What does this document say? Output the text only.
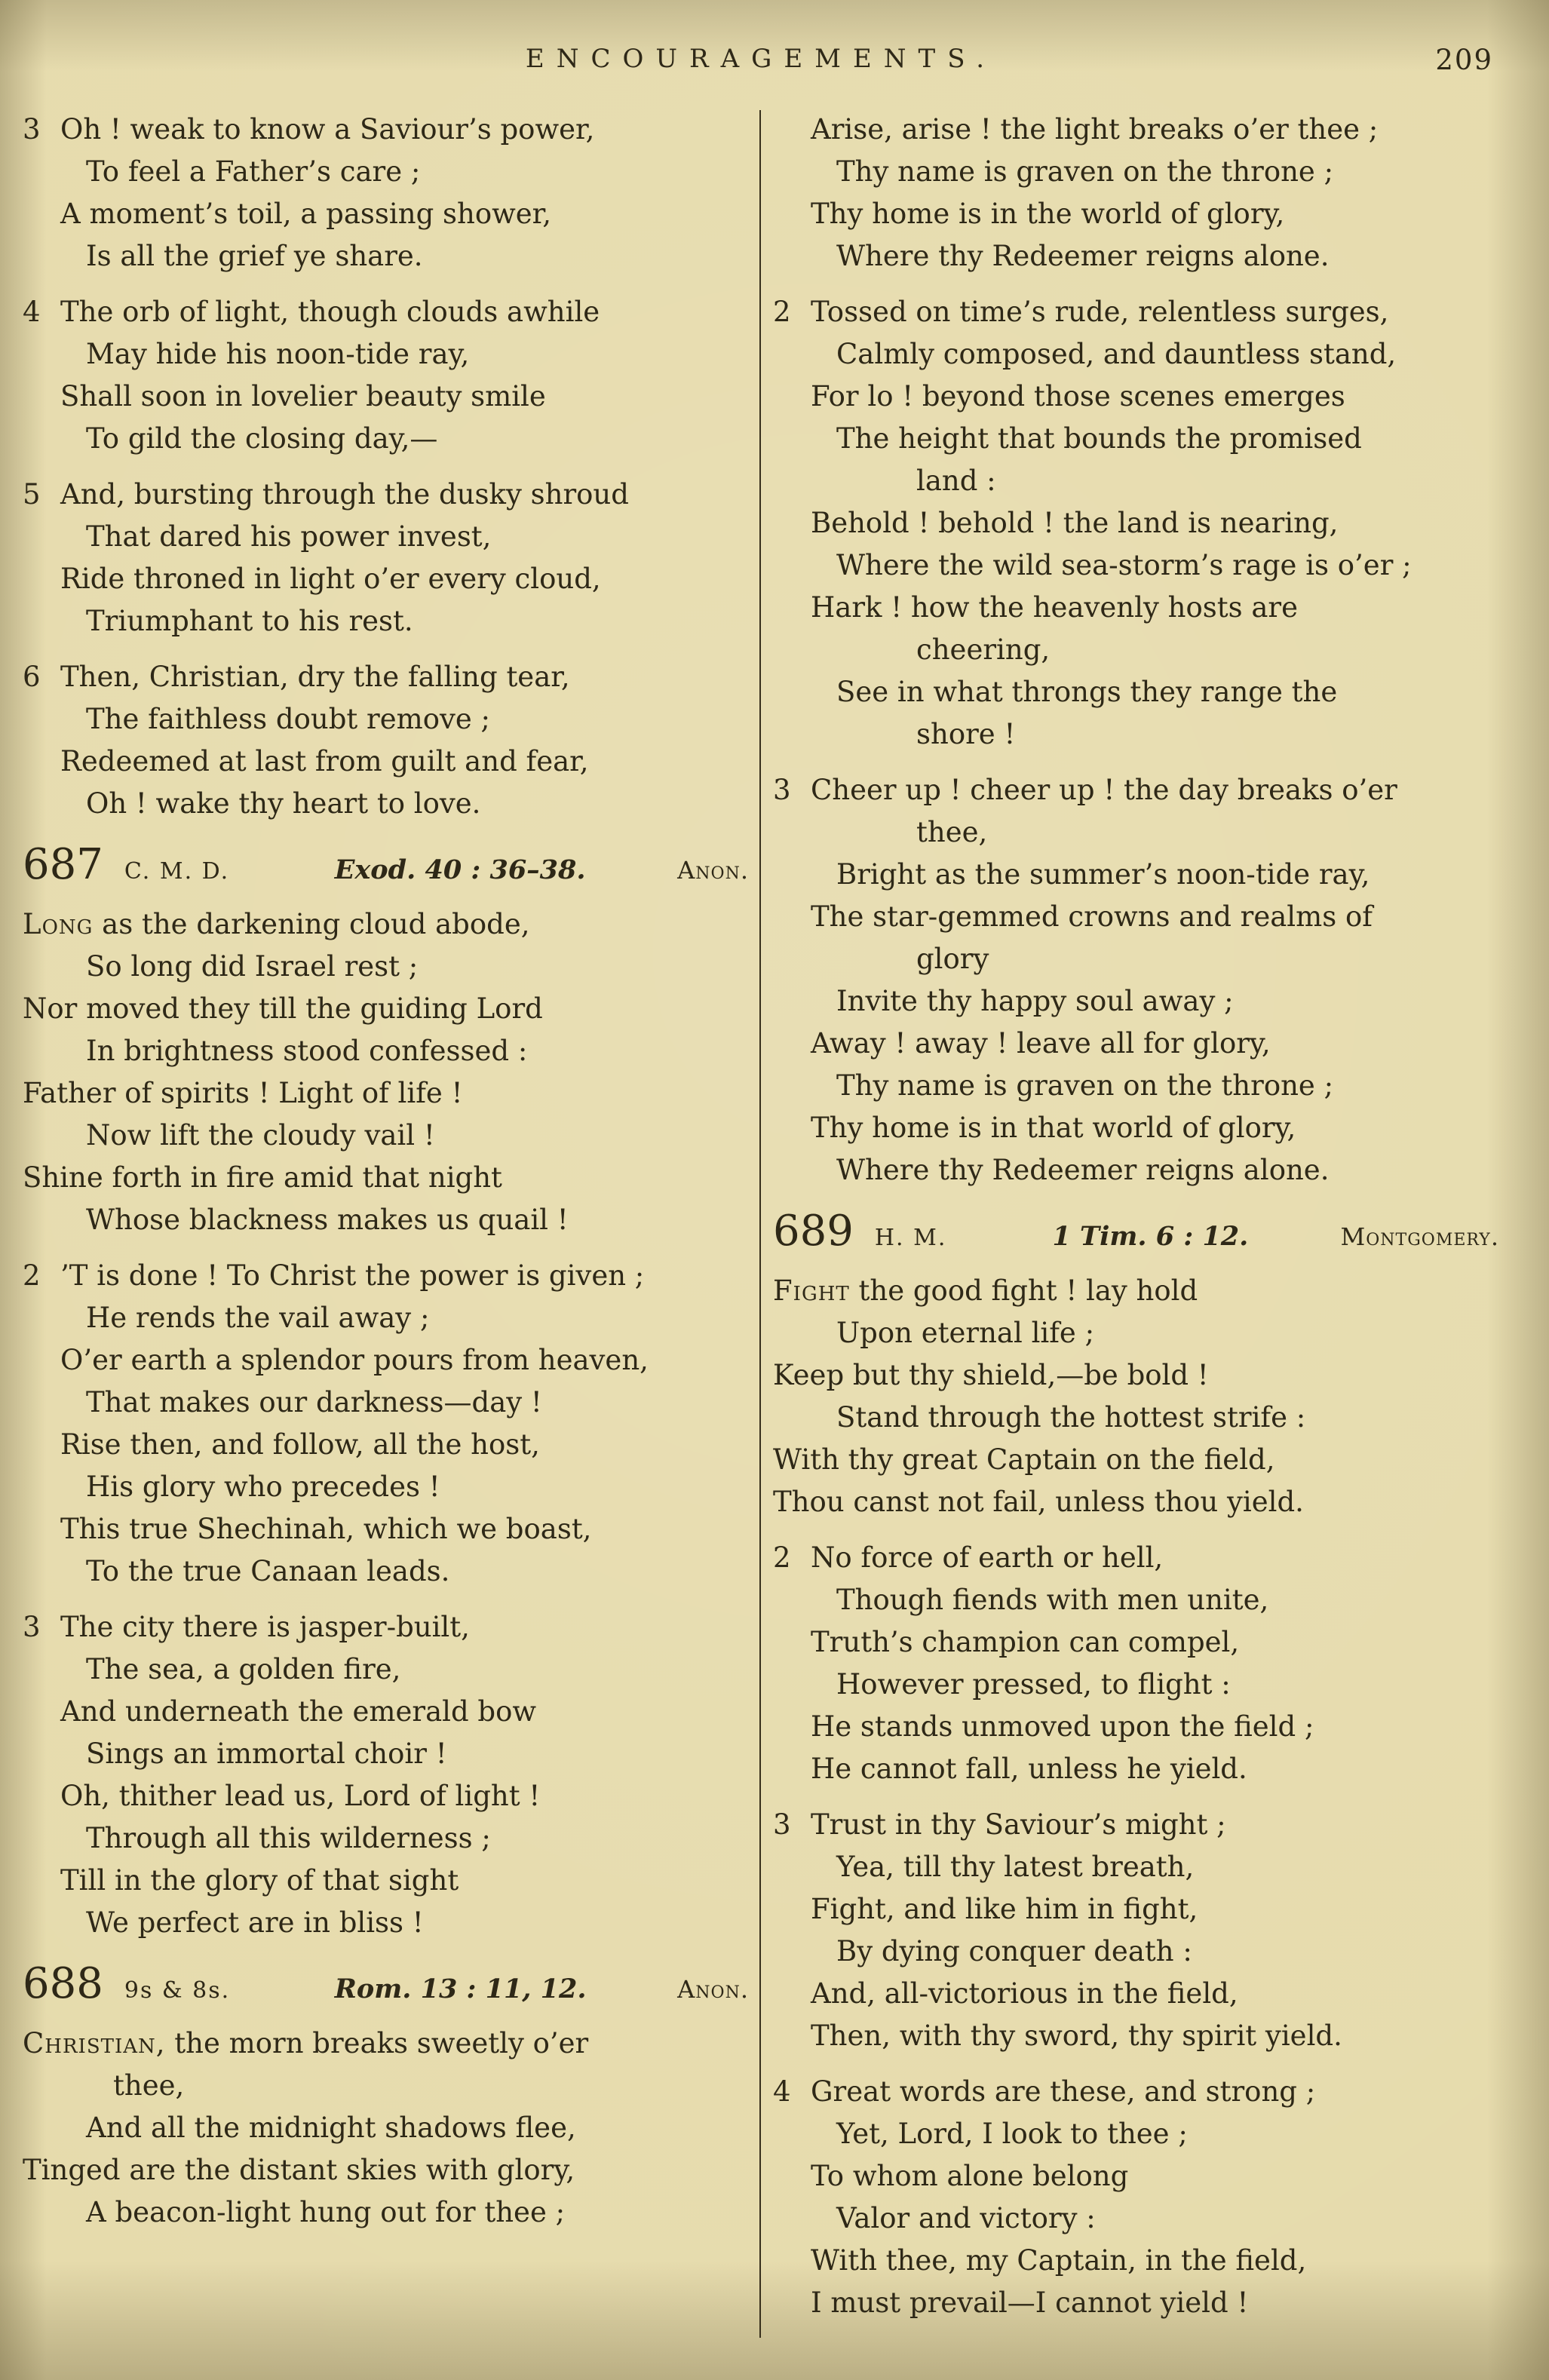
ENCOURAGEMENTS.	209
3 Oh ! weak to know a Saviour’s power,
To feel a Father’s care ;
A moment’s toil, a passing shower,
Is all the grief ye share.
4 The orb of light, though clouds awhile
May hide his noon-tide ray,
Shall soon in lovelier beauty smile
To gild the closing day,—
5 And, bursting through the dusky shroud
That dared his power invest,
Ride throned in light o’er every cloud,
Triumphant to his rest.
6 Then, Christian, dry the falling tear,
The faithless doubt remove ;
Redeemed at last from guilt and fear,
Oh ! wake thy heart to love.
687 C. M. D.	Exod. 40 : 36–38.	Anon.
Long as the darkening cloud abode,
So long did Israel rest ;
Nor moved they till the guiding Lord
In brightness stood confessed :
Father of spirits ! Light of life !
Now lift the cloudy vail !
Shine forth in fire amid that night
Whose blackness makes us quail !
2 ’T is done ! To Christ the power is given ;
He rends the vail away ;
O’er earth a splendor pours from heaven,
That makes our darkness—day !
Rise then, and follow, all the host,
His glory who precedes !
This true Shechinah, which we boast,
To the true Canaan leads.
3 The city there is jasper-built,
The sea, a golden fire,
And underneath the emerald bow
Sings an immortal choir !
Oh, thither lead us, Lord of light !
Through all this wilderness ;
Till in the glory of that sight
We perfect are in bliss !
688 9s & 8s.	Rom. 13 : 11, 12.	Anon.
Christian, the morn breaks sweetly o’er
thee,
And all the midnight shadows flee,
Tinged are the distant skies with glory,
A beacon-light hung out for thee ;
Arise, arise ! the light breaks o’er thee ;
Thy name is graven on the throne ;
Thy home is in the world of glory,
Where thy Redeemer reigns alone.
2 Tossed on time’s rude, relentless surges,
Calmly composed, and dauntless stand,
For lo ! beyond those scenes emerges
The height that bounds the promised
land :
Behold ! behold ! the land is nearing,
Where the wild sea-storm’s rage is o’er ;
Hark ! how the heavenly hosts are
cheering,
See in what throngs they range the
shore !
3 Cheer up ! cheer up ! the day breaks o’er
thee,
Bright as the summer’s noon-tide ray,
The star-gemmed crowns and realms of
glory
Invite thy happy soul away ;
Away ! away ! leave all for glory,
Thy name is graven on the throne ;
Thy home is in that world of glory,
Where thy Redeemer reigns alone.
689 H. M.	1 Tim. 6 : 12.	Montgomery.
Fight the good fight ! lay hold
Upon eternal life ;
Keep but thy shield,—be bold !
Stand through the hottest strife :
With thy great Captain on the field,
Thou canst not fail, unless thou yield.
2 No force of earth or hell,
Though fiends with men unite,
Truth’s champion can compel,
However pressed, to flight :
He stands unmoved upon the field ;
He cannot fall, unless he yield.
3 Trust in thy Saviour’s might ;
Yea, till thy latest breath,
Fight, and like him in fight,
By dying conquer death :
And, all-victorious in the field,
Then, with thy sword, thy spirit yield.
4 Great words are these, and strong ;
Yet, Lord, I look to thee ;
To whom alone belong
Valor and victory :
With thee, my Captain, in the field,
I must prevail—I cannot yield !
